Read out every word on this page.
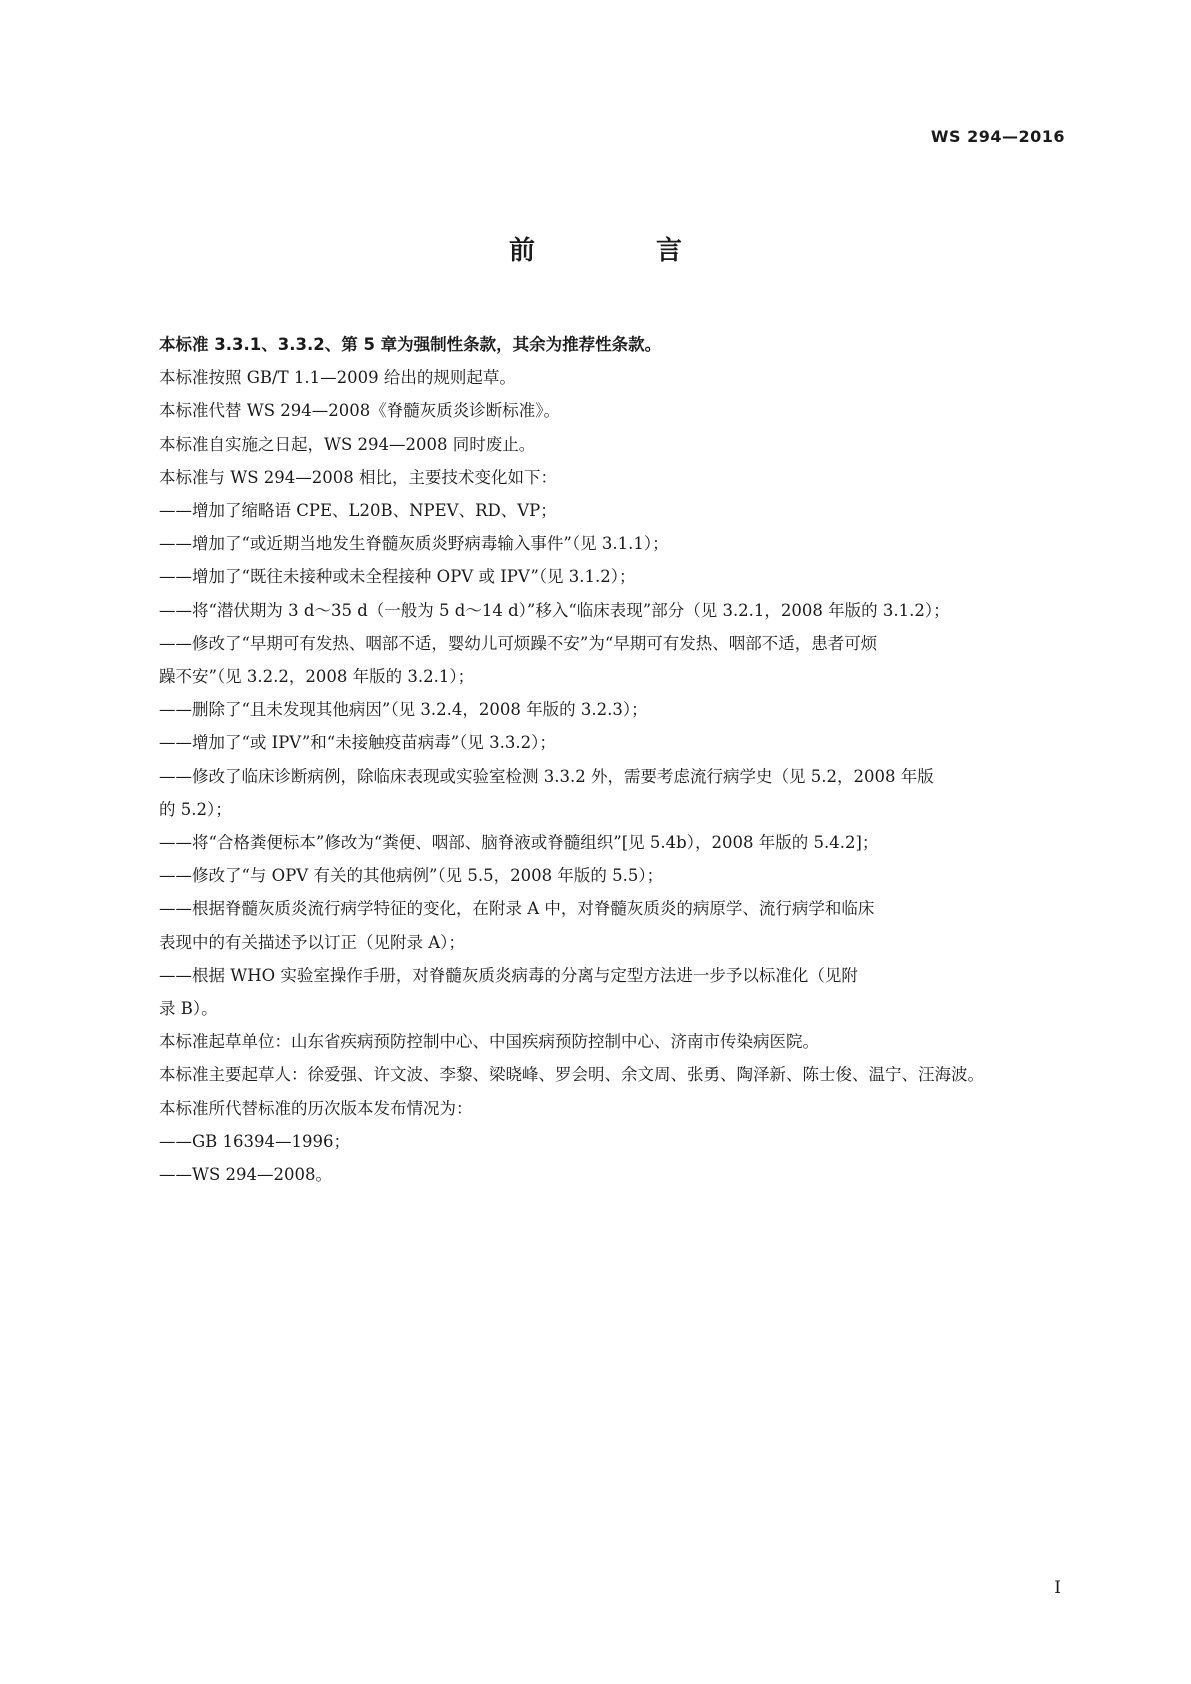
WS 294—2016
前 言

本标准 3.3.1、3.3.2、第 5 章为强制性条款，其余为推荐性条款。

本标准按照 GB/T 1.1—2009 给出的规则起草。

本标准代替 WS 294—2008《脊髓灰质炎诊断标准》。

本标准自实施之日起，WS 294—2008 同时废止。

本标准与 WS 294—2008 相比，主要技术变化如下：

——增加了缩略语 CPE、L20B、NPEV、RD、VP；

——增加了“或近期当地发生脊髓灰质炎野病毒输入事件”（见 3.1.1）；

——增加了“既往未接种或未全程接种 OPV 或 IPV”（见 3.1.2）；

——将“潜伏期为 3 d～35 d（一般为 5 d～14 d）”移入“临床表现”部分（见 3.2.1，2008 年版的 3.1.2）；

——修改了“早期可有发热、咽部不适，婴幼儿可烦躁不安”为“早期可有发热、咽部不适，患者可烦
躁不安”（见 3.2.2，2008 年版的 3.2.1）；

——删除了“且未发现其他病因”（见 3.2.4，2008 年版的 3.2.3）；

——增加了“或 IPV”和“未接触疫苗病毒”（见 3.3.2）；

——修改了临床诊断病例，除临床表现或实验室检测 3.3.2 外，需要考虑流行病学史（见 5.2，2008 年版
的 5.2）；

——将“合格粪便标本”修改为“粪便、咽部、脑脊液或脊髓组织”[见 5.4b），2008 年版的 5.4.2]；

——修改了“与 OPV 有关的其他病例”（见 5.5，2008 年版的 5.5）；

——根据脊髓灰质炎流行病学特征的变化，在附录 A 中，对脊髓灰质炎的病原学、流行病学和临床
表现中的有关描述予以订正（见附录 A）；

——根据 WHO 实验室操作手册，对脊髓灰质炎病毒的分离与定型方法进一步予以标准化（见附
录 B）。

本标准起草单位：山东省疾病预防控制中心、中国疾病预防控制中心、济南市传染病医院。

本标准主要起草人：徐爱强、许文波、李黎、梁晓峰、罗会明、余文周、张勇、陶泽新、陈士俊、温宁、汪海波。

本标准所代替标准的历次版本发布情况为：

——GB 16394—1996；

——WS 294—2008。

I
